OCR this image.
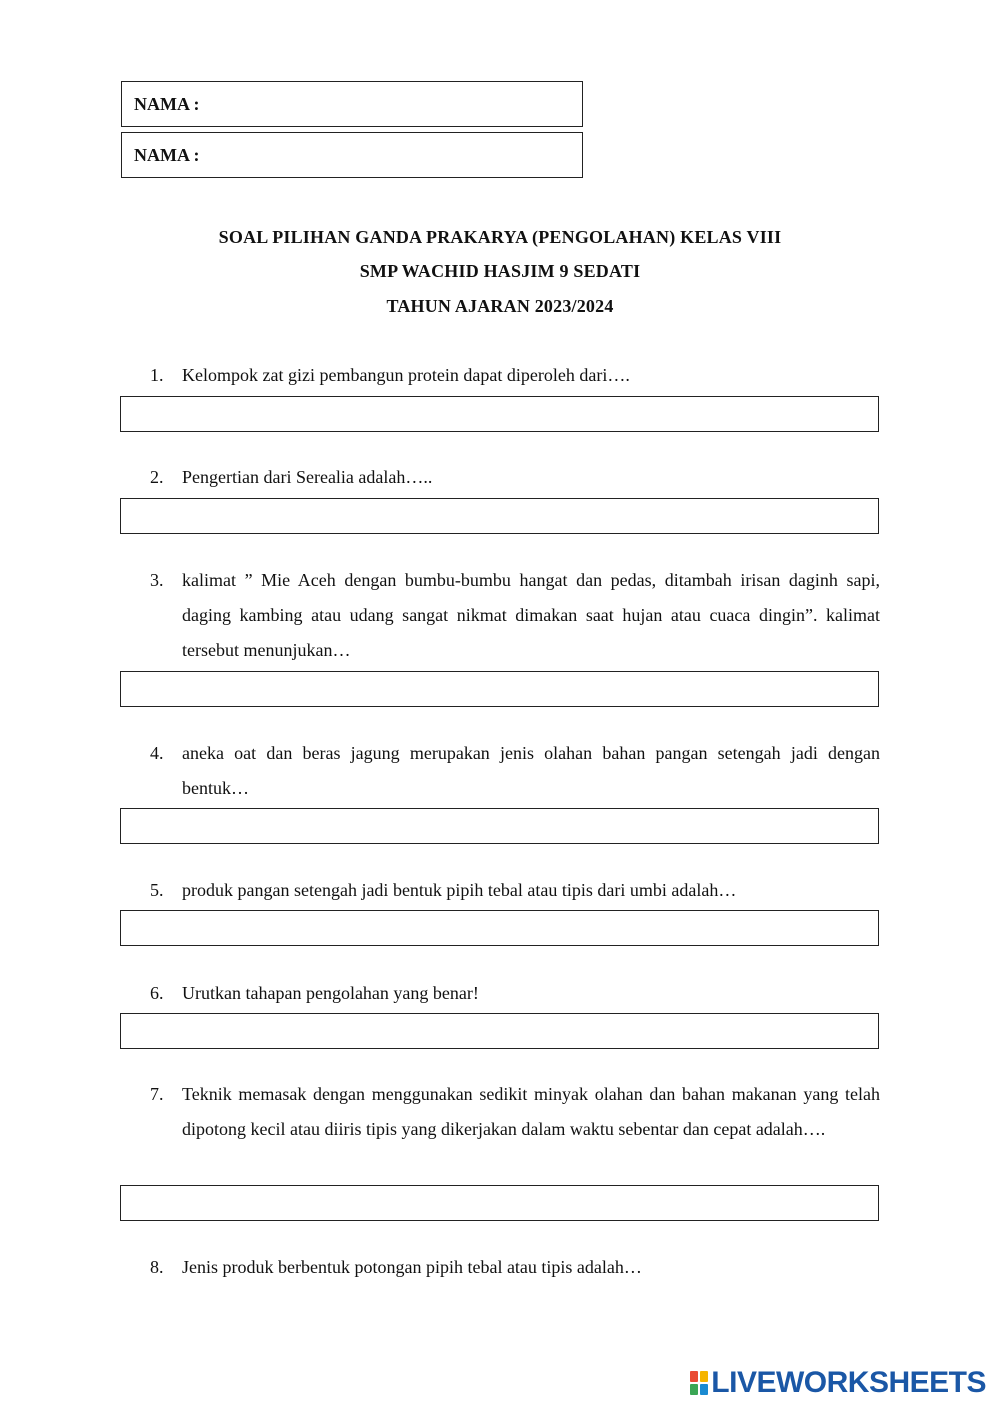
NAMA :
NAMA :
SOAL PILIHAN GANDA PRAKARYA (PENGOLAHAN) KELAS VIII
SMP WACHID HASJIM 9 SEDATI
TAHUN AJARAN 2023/2024
1. Kelompok zat gizi pembangun protein dapat diperoleh dari….
2. Pengertian dari Serealia adalah…..
3. kalimat ” Mie Aceh dengan bumbu-bumbu hangat dan pedas, ditambah irisan daginh sapi, daging kambing atau udang sangat nikmat dimakan saat hujan atau cuaca dingin”. kalimat tersebut menunjukan…
4. aneka oat dan beras jagung merupakan jenis olahan bahan pangan setengah jadi dengan bentuk…
5. produk pangan setengah jadi bentuk pipih tebal atau tipis dari umbi adalah…
6. Urutkan tahapan pengolahan yang benar!
7. Teknik memasak dengan menggunakan sedikit minyak olahan dan bahan makanan yang telah dipotong kecil atau diiris tipis yang dikerjakan dalam waktu sebentar dan cepat adalah….
8. Jenis produk berbentuk potongan pipih tebal atau tipis adalah…
LIVEWORKSHEETS
